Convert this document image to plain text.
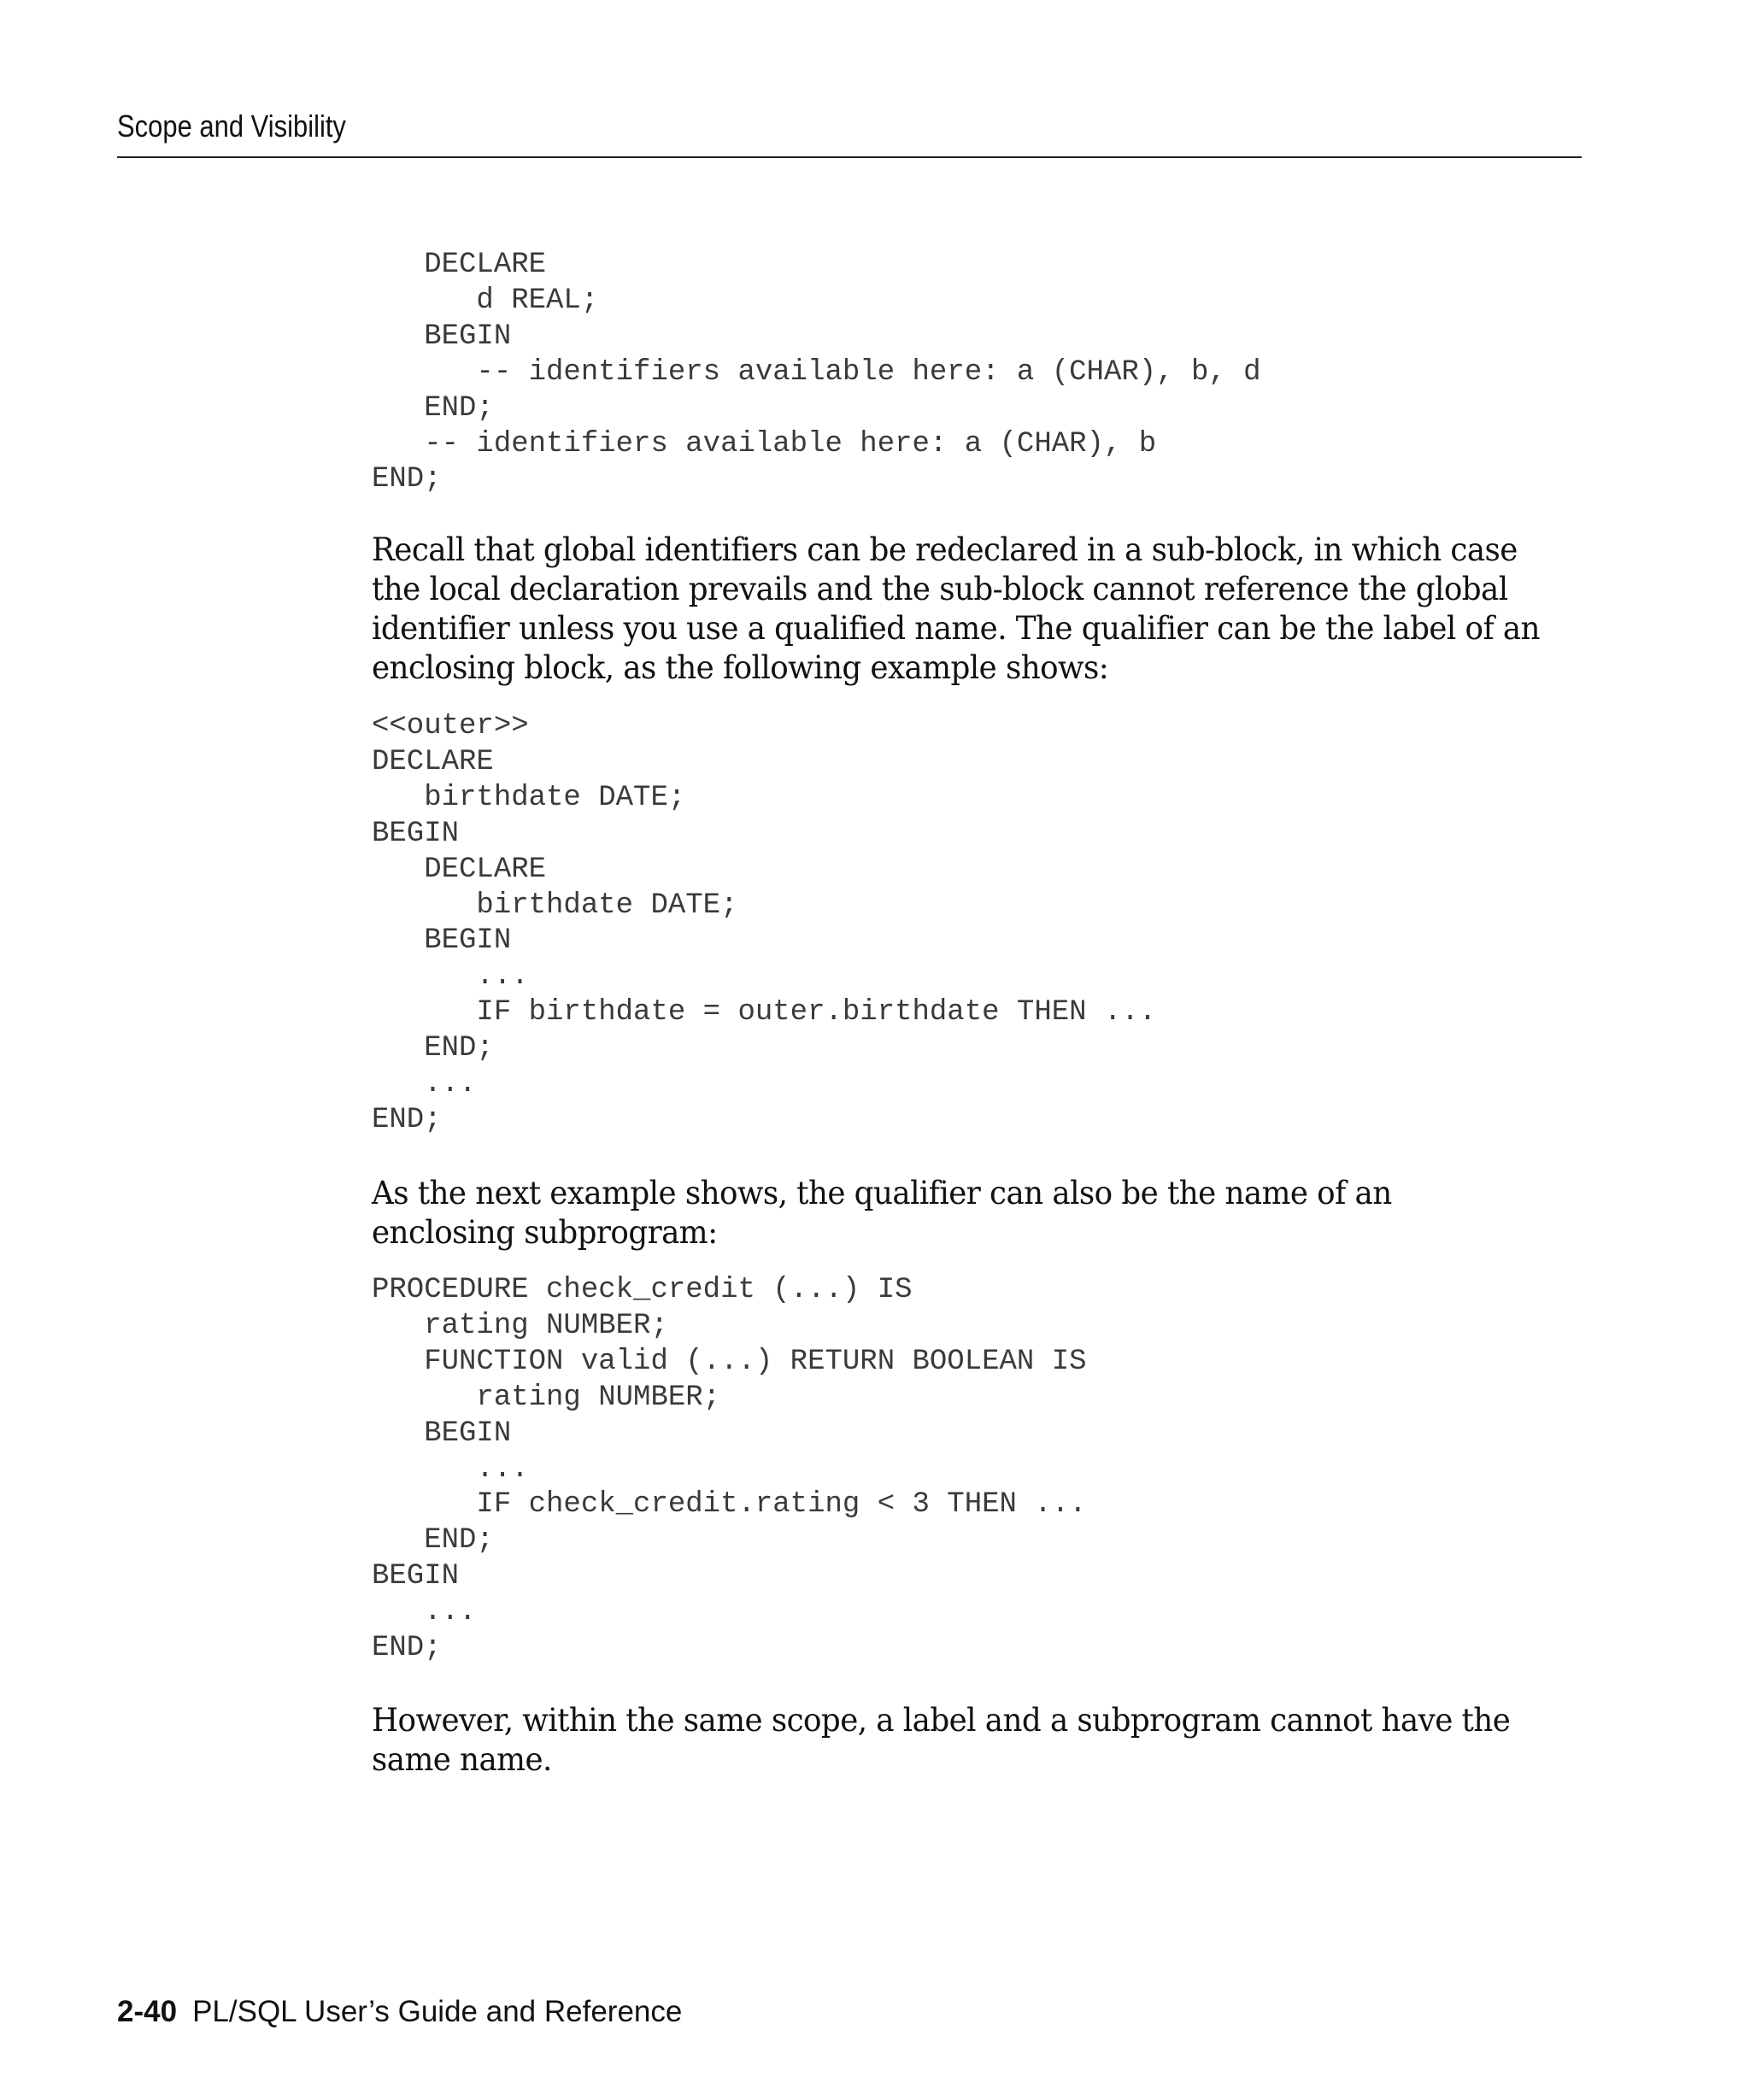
Scope and Visibility
DECLARE
d REAL;
BEGIN
-- identifiers available here: a (CHAR), b, d
END;
-- identifiers available here: a (CHAR), b
END;

Recall that global identifiers can be redeclared in a sub-block, in which case the local declaration prevails and the sub-block cannot reference the global identifier unless you use a qualified name. The qualifier can be the label of an enclosing block, as the following example shows:

<<outer>>
DECLARE
birthdate DATE;
BEGIN
DECLARE
birthdate DATE;
BEGIN
...
IF birthdate = outer.birthdate THEN ...
END;
...
END;

As the next example shows, the qualifier can also be the name of an enclosing subprogram:

PROCEDURE check_credit (...) IS
rating NUMBER;
FUNCTION valid (...) RETURN BOOLEAN IS
rating NUMBER;
BEGIN
...
IF check_credit.rating < 3 THEN ...
END;
BEGIN
...
END;

However, within the same scope, a label and a subprogram cannot have the same name.

2-40 PL/SQL User’s Guide and Reference
